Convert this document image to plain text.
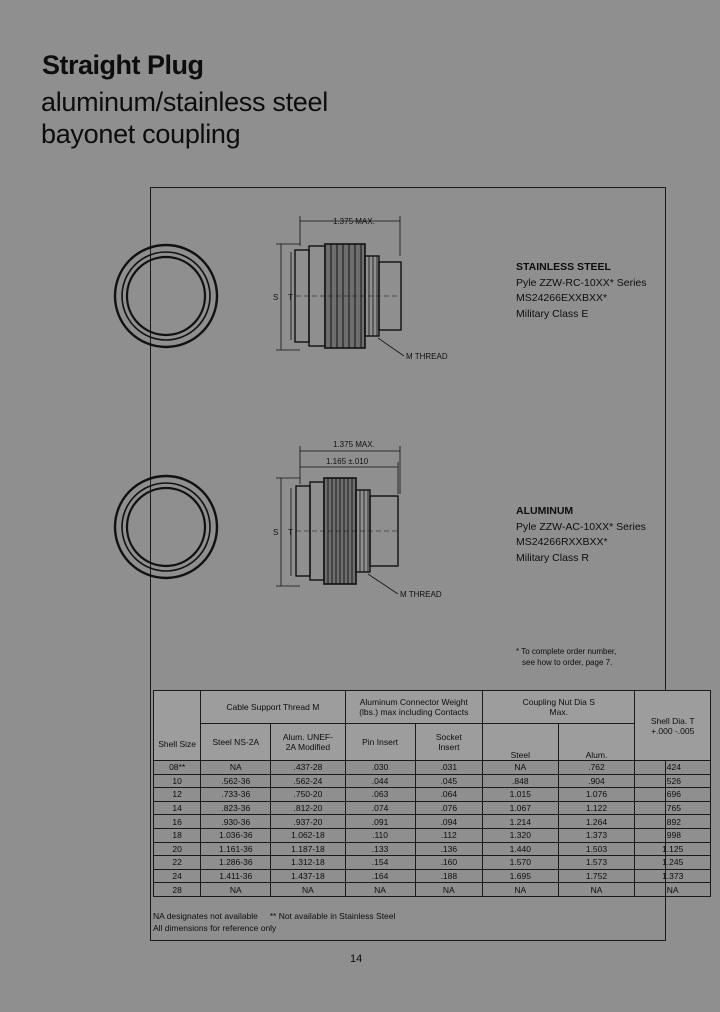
Straight Plug
aluminum/stainless steel
bayonet coupling
1.375 MAX.
S T
M THREAD
1.375 MAX.
1.165 ±.010
S T
M THREAD
STAINLESS STEEL
Pyle ZZW-RC-10XX* Series
MS24266EXXBXX*
Military Class E
ALUMINUM
Pyle ZZW-AC-10XX* Series
MS24266RXXBXX*
Military Class R
* To complete order number,
see how to order, page 7.
Shell Size	Cable Support Thread M		Aluminum Connector Weight (lbs.) max including Contacts		Coupling Nut Dia S Max.		Shell Dia. T +.000 -.005
	Steel NS-2A	Alum. UNEF-2A Modified	Pin Insert	Socket Insert	Steel	Alum.	
08**	NA	.437-28	.030	.031	NA	.762	.424
10	.562-36	.562-24	.044	.045	.848	.904	.526
12	.733-36	.750-20	.063	.064	1.015	1.076	.696
14	.823-36	.812-20	.074	.076	1.067	1.122	.765
16	.930-36	.937-20	.091	.094	1.214	1.264	.892
18	1.036-36	1.062-18	.110	.112	1.320	1.373	.998
20	1.161-36	1.187-18	.133	.136	1.440	1.503	1.125
22	1.286-36	1.312-18	.154	.160	1.570	1.573	1.245
24	1.411-36	1.437-18	.164	.188	1.695	1.752	1.373
28	NA	NA	NA	NA	NA	NA	NA
NA designates not available     ** Not available in Stainless Steel
All dimensions for reference only
14
